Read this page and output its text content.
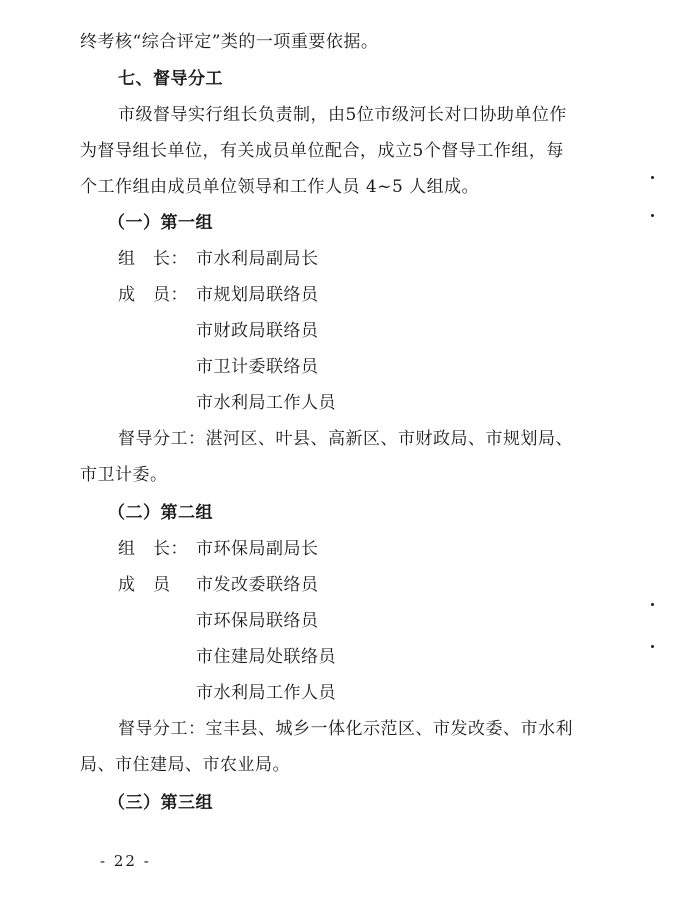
终考核“综合评定”类的一项重要依据。
七、督导分工
市级督导实行组长负责制，由5位市级河长对口协助单位作
为督导组长单位，有关成员单位配合，成立5个督导工作组，每
个工作组由成员单位领导和工作人员 4~5 人组成。
（一）第一组
组　长： 市水利局副局长
成　员： 市规划局联络员
市财政局联络员
市卫计委联络员
市水利局工作人员
督导分工：湛河区、叶县、高新区、市财政局、市规划局、
市卫计委。
（二）第二组
组　长： 市环保局副局长
成　员 市发改委联络员
市环保局联络员
市住建局处联络员
市水利局工作人员
督导分工：宝丰县、城乡一体化示范区、市发改委、市水利
局、市住建局、市农业局。
（三）第三组
- 22 -
